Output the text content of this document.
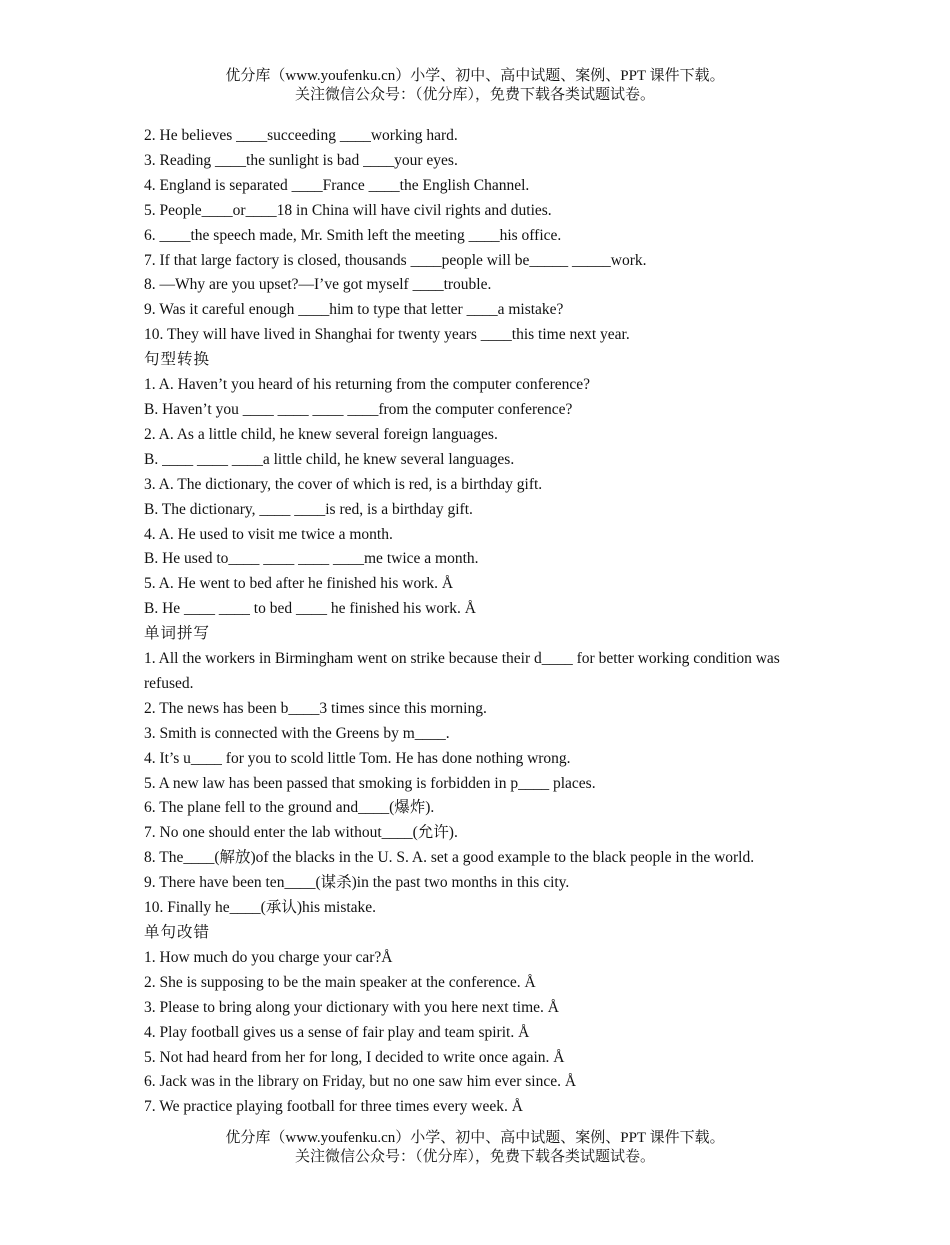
优分库（www.youfenku.cn）小学、初中、高中试题、案例、PPT 课件下载。
关注微信公众号：（优分库），免费下载各类试题试卷。
2. He believes ____succeeding ____working hard.
3. Reading ____the sunlight is bad ____your eyes.
4. England is separated ____France ____the English Channel.
5. People____or____18 in China will have civil rights and duties.
6. ____the speech made, Mr. Smith left the meeting ____his office.
7. If that large factory is closed, thousands ____people will be_____ _____work.
8. —Why are you upset?—I’ve got myself ____trouble.
9. Was it careful enough ____him to type that letter ____a mistake?
10. They will have lived in Shanghai for twenty years ____this time next year.
句型转换
1. A. Haven’t you heard of his returning from the computer conference?
B. Haven’t you ____ ____ ____ ____from the computer conference?
2. A. As a little child, he knew several foreign languages.
B. ____ ____ ____a little child, he knew several languages.
3. A. The dictionary, the cover of which is red, is a birthday gift.
B. The dictionary, ____ ____is red, is a birthday gift.
4. A. He used to visit me twice a month.
B. He used to____ ____ ____ ____me twice a month.
5. A. He went to bed after he finished his work. Å
B. He ____ ____ to bed ____ he finished his work. Å
单词拼写
1. All the workers in Birmingham went on strike because their d____ for better working condition was refused.
2. The news has been b____3 times since this morning.
3. Smith is connected with the Greens by m____.
4. It’s u____ for you to scold little Tom. He has done nothing wrong.
5. A new law has been passed that smoking is forbidden in p____ places.
6. The plane fell to the ground and____(爆炸).
7. No one should enter the lab without____(允许).
8. The____(解放)of the blacks in the U. S. A. set a good example to the black people in the world.
9. There have been ten____(谋杀)in the past two months in this city.
10. Finally he____(承认)his mistake.
单句改错
1. How much do you charge your car?Å
2. She is supposing to be the main speaker at the conference. Å
3. Please to bring along your dictionary with you here next time. Å
4. Play football gives us a sense of fair play and team spirit. Å
5. Not had heard from her for long, I decided to write once again. Å
6. Jack was in the library on Friday, but no one saw him ever since. Å
7. We practice playing football for three times every week. Å
优分库（www.youfenku.cn）小学、初中、高中试题、案例、PPT 课件下载。
关注微信公众号：（优分库），免费下载各类试题试卷。
